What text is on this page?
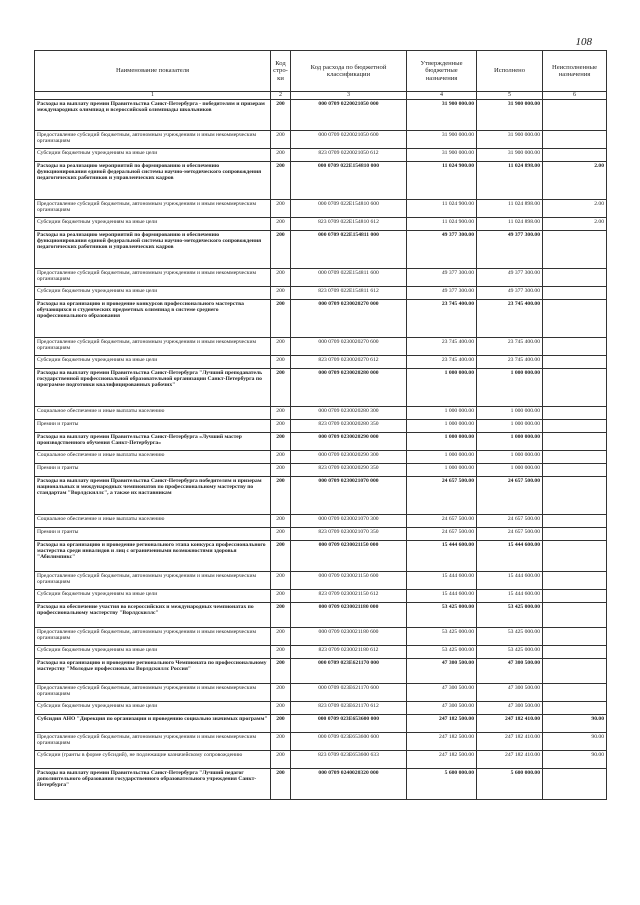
108
Наименование показателя	Код стро-ки	Код расхода по бюджетной классификации	Утвержденные бюджетные назначения	Исполнено	Неисполненные назначения
1	2	3	4	5	6
Расходы на выплату премии Правительства Санкт-Петербурга - победителям и призерам международных олимпиад и всероссийской олимпиады школьников	200	000 0709 0220021050 000	31 900 000.00	31 900 000.00	
Предоставление субсидий бюджетным, автономным учреждениям и иным некоммерческим организациям	200	000 0709 0220021050 600	31 900 000.00	31 900 000.00	
Субсидии бюджетным учреждениям на иные цели	200	823 0709 0220021050 612	31 900 000.00	31 900 000.00	
Расходы на реализацию мероприятий по формированию и обеспечению функционирования единой федеральной системы научно-методического сопровождения педагогических работников и управленческих кадров	200	000 0709 022E154810 000	11 024 900.00	11 024 898.00	2.00
Предоставление субсидий бюджетным, автономным учреждениям и иным некоммерческим организациям	200	000 0709 022E154810 600	11 024 900.00	11 024 898.00	2.00
Субсидии бюджетным учреждениям на иные цели	200	823 0709 022E154810 612	11 024 900.00	11 024 898.00	2.00
Расходы на реализацию мероприятий по формированию и обеспечению функционирования единой федеральной системы научно-методического сопровождения педагогических работников и управленческих кадров	200	000 0709 022E154811 000	49 377 300.00	49 377 300.00	
Предоставление субсидий бюджетным, автономным учреждениям и иным некоммерческим организациям	200	000 0709 022E154811 600	49 377 300.00	49 377 300.00	
Субсидии бюджетным учреждениям на иные цели	200	823 0709 022E154811 612	49 377 300.00	49 377 300.00	
Расходы на организацию и проведение конкурсов профессионального мастерства обучающихся и студенческих предметных олимпиад в системе среднего профессионального образования	200	000 0709 0230020270 000	23 745 400.00	23 745 400.00	
Предоставление субсидий бюджетным, автономным учреждениям и иным некоммерческим организациям	200	000 0709 0230020270 600	23 745 400.00	23 745 400.00	
Субсидии бюджетным учреждениям на иные цели	200	823 0709 0230020270 612	23 745 400.00	23 745 400.00	
Расходы на выплату премии Правительства Санкт-Петербурга "Лучший преподаватель государственной профессиональной образовательной организации Санкт-Петербурга по программе подготовки квалифицированных рабочих"	200	000 0709 0230020280 000	1 000 000.00	1 000 000.00	
Социальное обеспечение и иные выплаты населению	200	000 0709 0230020280 300	1 000 000.00	1 000 000.00	
Премии и гранты	200	823 0709 0230020280 350	1 000 000.00	1 000 000.00	
Расходы на выплату премии Правительства Санкт-Петербурга «Лучший мастер производственного обучения Санкт-Петербурга»	200	000 0709 0230020290 000	1 000 000.00	1 000 000.00	
Социальное обеспечение и иные выплаты населению	200	000 0709 0230020290 300	1 000 000.00	1 000 000.00	
Премии и гранты	200	823 0709 0230020290 350	1 000 000.00	1 000 000.00	
Расходы на выплату премии Правительства Санкт-Петербурга победителям и призерам национальных и международных чемпионатов по профессиональному мастерству по стандартам "Ворлдскиллс", а также их наставникам	200	000 0709 0230021070 000	24 657 500.00	24 657 500.00	
Социальное обеспечение и иные выплаты населению	200	000 0709 0230021070 300	24 657 500.00	24 657 500.00	
Премии и гранты	200	823 0709 0230021070 350	24 657 500.00	24 657 500.00	
Расходы на организацию и проведение регионального этапа конкурса профессионального мастерства среди инвалидов и лиц с ограниченными возможностями здоровья "Абилимпикс"	200	000 0709 0230021150 000	15 444 600.00	15 444 600.00	
Предоставление субсидий бюджетным, автономным учреждениям и иным некоммерческим организациям	200	000 0709 0230021150 600	15 444 600.00	15 444 600.00	
Субсидии бюджетным учреждениям на иные цели	200	823 0709 0230021150 612	15 444 600.00	15 444 600.00	
Расходы на обеспечение участия во всероссийских и международных чемпионатах по профессиональному мастерству "Ворлдскиллс"	200	000 0709 0230021180 000	53 425 000.00	53 425 000.00	
Предоставление субсидий бюджетным, автономным учреждениям и иным некоммерческим организациям	200	000 0709 0230021180 600	53 425 000.00	53 425 000.00	
Субсидии бюджетным учреждениям на иные цели	200	823 0709 0230021180 612	53 425 000.00	53 425 000.00	
Расходы на организацию и проведение регионального Чемпионата по профессиональному мастерству "Молодые профессионалы Ворлдскиллс Россия"	200	000 0709 023E621170 000	47 300 500.00	47 300 500.00	
Предоставление субсидий бюджетным, автономным учреждениям и иным некоммерческим организациям	200	000 0709 023E621170 600	47 300 500.00	47 300 500.00	
Субсидии бюджетным учреждениям на иные цели	200	823 0709 023E621170 612	47 300 500.00	47 300 500.00	
Субсидия АНО "Дирекция по организации и проведению социально значимых программ"	200	000 0709 023E653600 000	247 182 500.00	247 182 410.00	90.00
Предоставление субсидий бюджетным, автономным учреждениям и иным некоммерческим организациям	200	000 0709 023E653600 600	247 182 500.00	247 182 410.00	90.00
Субсидии (гранты в форме субсидий), не подлежащие казначейскому сопровождению	200	823 0709 023E653600 633	247 182 500.00	247 182 410.00	90.00
Расходы на выплату премии Правительства Санкт-Петербурга "Лучший педагог дополнительного образования государственного образовательного учреждения Санкт-Петербурга"	200	000 0709 0240020320 000	5 600 000.00	5 600 000.00	
